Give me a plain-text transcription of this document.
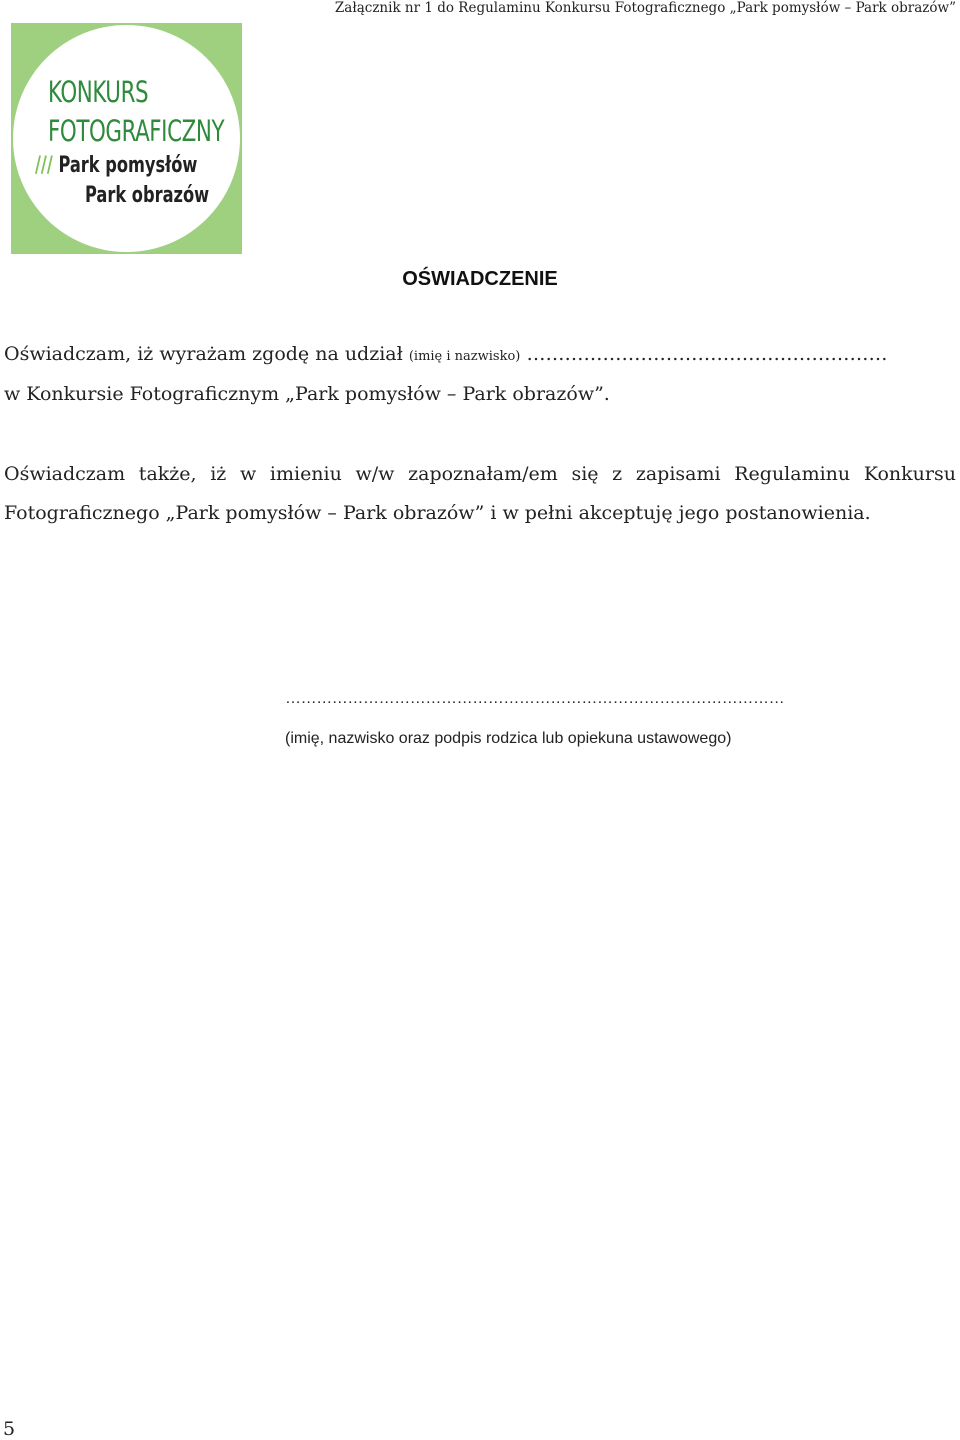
Załącznik nr 1 do Regulaminu Konkursu Fotograficznego „Park pomysłów – Park obrazów”
KONKURS
FOTOGRAFICZNY
/// Park pomysłów
Park obrazów
OŚWIADCZENIE
Oświadczam, iż wyrażam zgodę na udział (imię i nazwisko) …………………………………………………
w Konkursie Fotograficznym „Park pomysłów – Park obrazów”.
Oświadczam także, iż w imieniu w/w zapoznałam/em się z zapisami Regulaminu Konkursu Fotograficznego „Park pomysłów – Park obrazów” i w pełni akceptuję jego postanowienia.
……………………………………………………………………………………
(imię, nazwisko oraz podpis rodzica lub opiekuna ustawowego)
5
